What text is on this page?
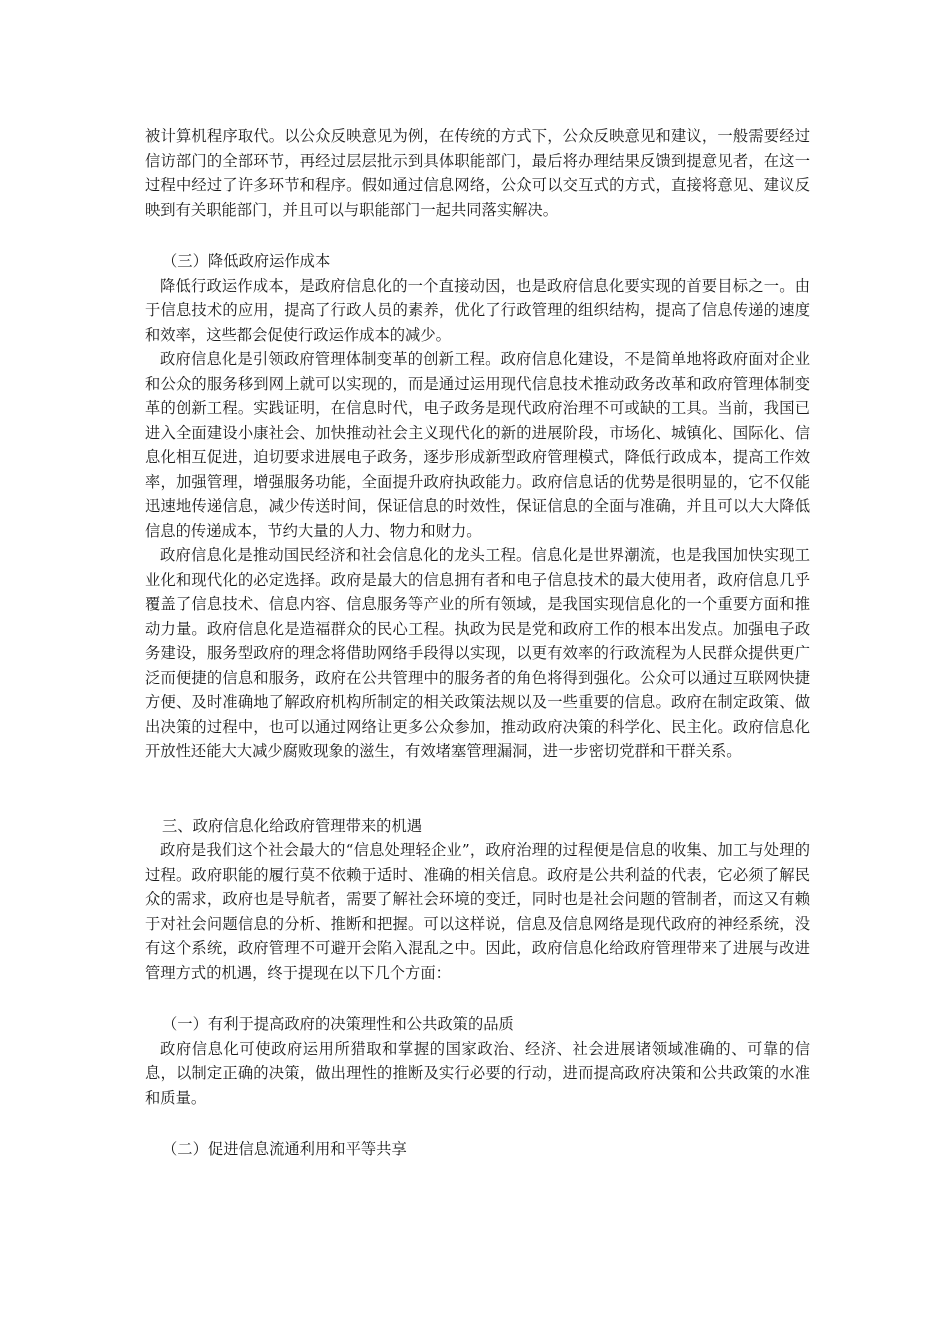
被计算机程序取代。以公众反映意见为例，在传统的方式下，公众反映意见和建议，一般需要经过信访部门的全部环节，再经过层层批示到具体职能部门，最后将办理结果反馈到提意见者，在这一过程中经过了许多环节和程序。假如通过信息网络，公众可以交互式的方式，直接将意见、建议反映到有关职能部门，并且可以与职能部门一起共同落实解决。

（三）降低政府运作成本

降低行政运作成本，是政府信息化的一个直接动因，也是政府信息化要实现的首要目标之一。由于信息技术的应用，提高了行政人员的素养，优化了行政管理的组织结构，提高了信息传递的速度和效率，这些都会促使行政运作成本的减少。

政府信息化是引领政府管理体制变革的创新工程。政府信息化建设，不是简单地将政府面对企业和公众的服务移到网上就可以实现的，而是通过运用现代信息技术推动政务改革和政府管理体制变革的创新工程。实践证明，在信息时代，电子政务是现代政府治理不可或缺的工具。当前，我国已进入全面建设小康社会、加快推动社会主义现代化的新的进展阶段，市场化、城镇化、国际化、信息化相互促进，迫切要求进展电子政务，逐步形成新型政府管理模式，降低行政成本，提高工作效率，加强管理，增强服务功能，全面提升政府执政能力。政府信息话的优势是很明显的，它不仅能迅速地传递信息，减少传送时间，保证信息的时效性，保证信息的全面与准确，并且可以大大降低信息的传递成本，节约大量的人力、物力和财力。

政府信息化是推动国民经济和社会信息化的龙头工程。信息化是世界潮流，也是我国加快实现工业化和现代化的必定选择。政府是最大的信息拥有者和电子信息技术的最大使用者，政府信息几乎覆盖了信息技术、信息内容、信息服务等产业的所有领域，是我国实现信息化的一个重要方面和推动力量。政府信息化是造福群众的民心工程。执政为民是党和政府工作的根本出发点。加强电子政务建设，服务型政府的理念将借助网络手段得以实现，以更有效率的行政流程为人民群众提供更广泛而便捷的信息和服务，政府在公共管理中的服务者的角色将得到强化。公众可以通过互联网快捷方便、及时准确地了解政府机构所制定的相关政策法规以及一些重要的信息。政府在制定政策、做出决策的过程中，也可以通过网络让更多公众参加，推动政府决策的科学化、民主化。政府信息化开放性还能大大减少腐败现象的滋生，有效堵塞管理漏洞，进一步密切党群和干群关系。

三、政府信息化给政府管理带来的机遇

政府是我们这个社会最大的“信息处理轻企业”，政府治理的过程便是信息的收集、加工与处理的过程。政府职能的履行莫不依赖于适时、准确的相关信息。政府是公共利益的代表，它必须了解民众的需求，政府也是导航者，需要了解社会环境的变迁，同时也是社会问题的管制者，而这又有赖于对社会问题信息的分析、推断和把握。可以这样说，信息及信息网络是现代政府的神经系统，没有这个系统，政府管理不可避开会陷入混乱之中。因此，政府信息化给政府管理带来了进展与改进管理方式的机遇，终于提现在以下几个方面：

（一）有利于提高政府的决策理性和公共政策的品质

政府信息化可使政府运用所猎取和掌握的国家政治、经济、社会进展诸领域准确的、可靠的信息，以制定正确的决策，做出理性的推断及实行必要的行动，进而提高政府决策和公共政策的水准和质量。

（二）促进信息流通利用和平等共享
